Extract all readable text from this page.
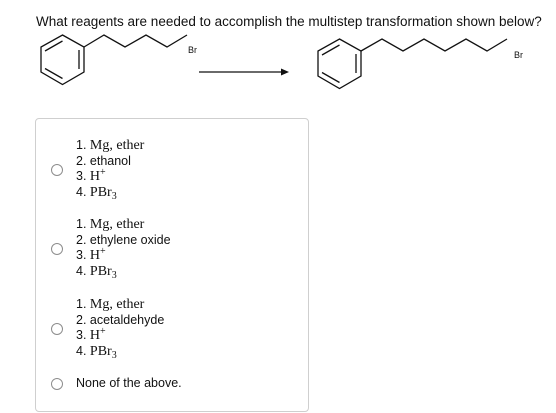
What reagents are needed to accomplish the multistep transformation shown below?
Br	Br
1. Mg, ether
2. ethanol
3. H+
4. PBr$_3$
1. Mg, ether
2. ethylene oxide
3. H+
4. PBr$_3$
1. Mg, ether
2. acetaldehyde
3. H+
4. PBr$_3$
None of the above.
